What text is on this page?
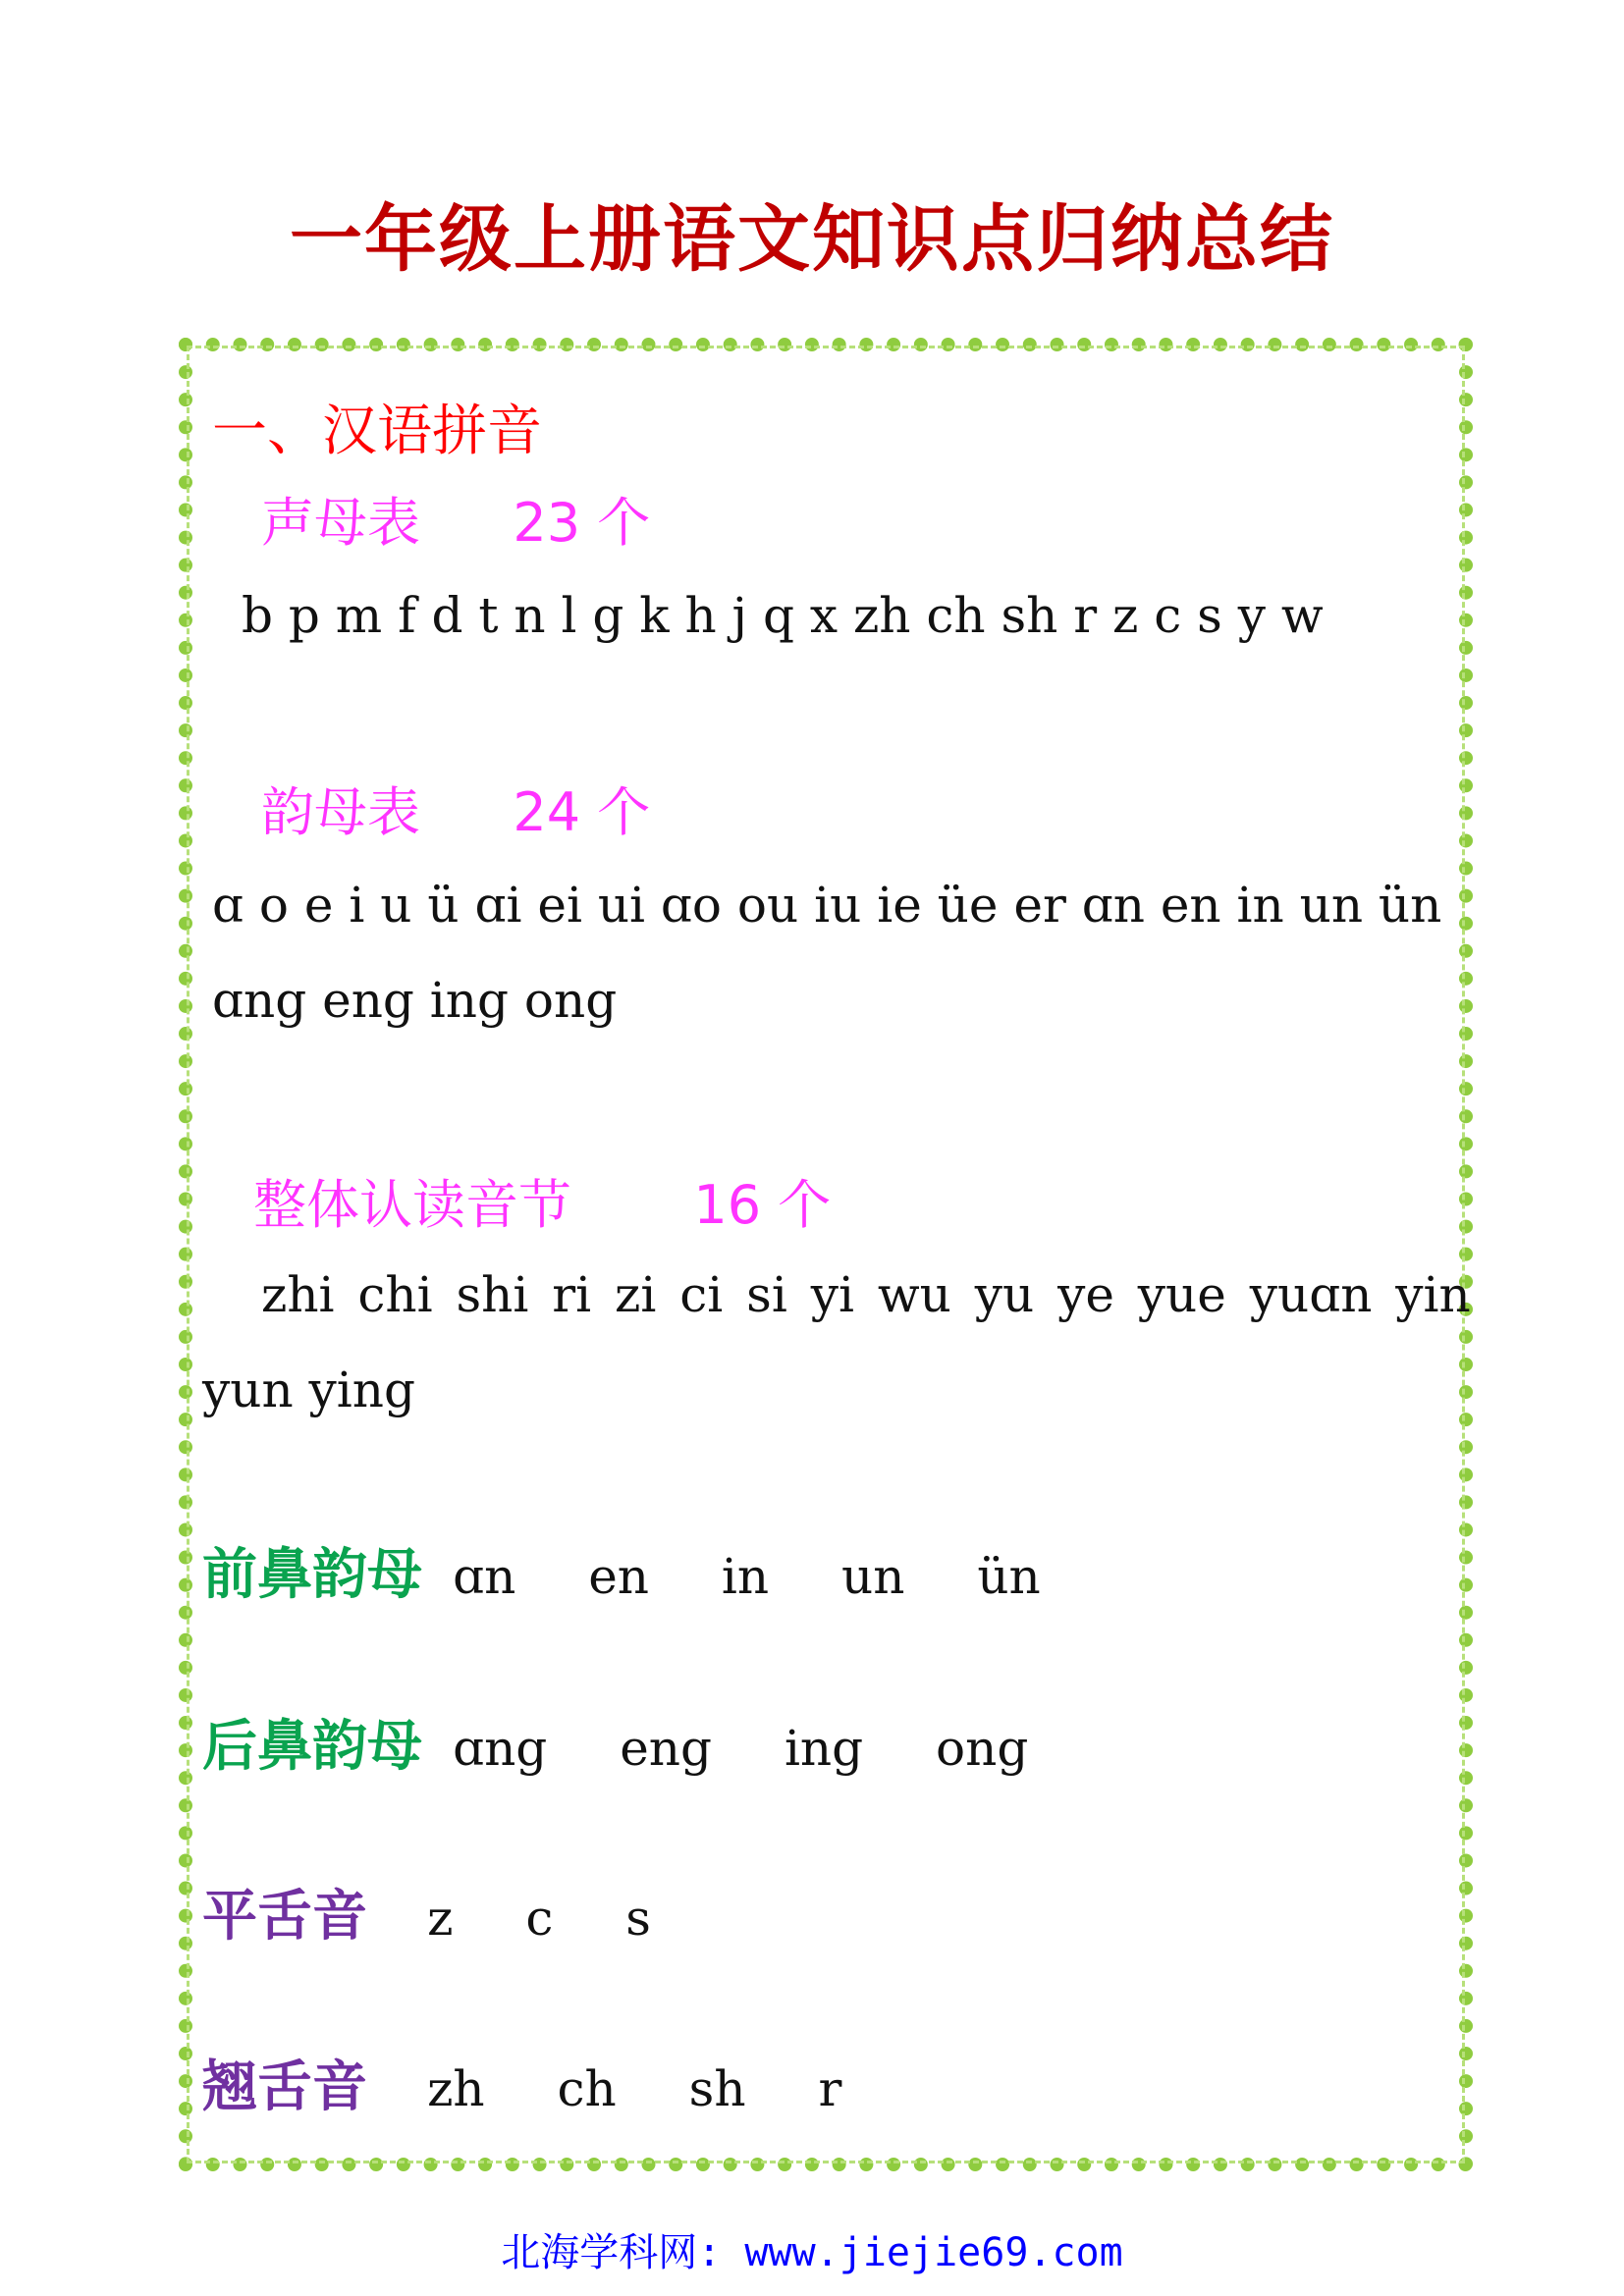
一年级上册语文知识点归纳总结
一、汉语拼音
声母表 23 个
b p m f d t n l g k h j q x zh ch sh r z c s y w
韵母表 24 个
ɑ o e i u ü ɑi ei ui ɑo ou iu ie üe er ɑn en in un ün
ɑng eng ing ong
整体认读音节 16 个
zhi chi shi ri zi ci si yi wu yu ye yue yuɑn yin
yun ying
前鼻韵母 ɑn en in un ün
后鼻韵母 ɑng eng ing ong
平舌音 z c s
翘舌音 zh ch sh r
北海学科网: www.jiejie69.com
